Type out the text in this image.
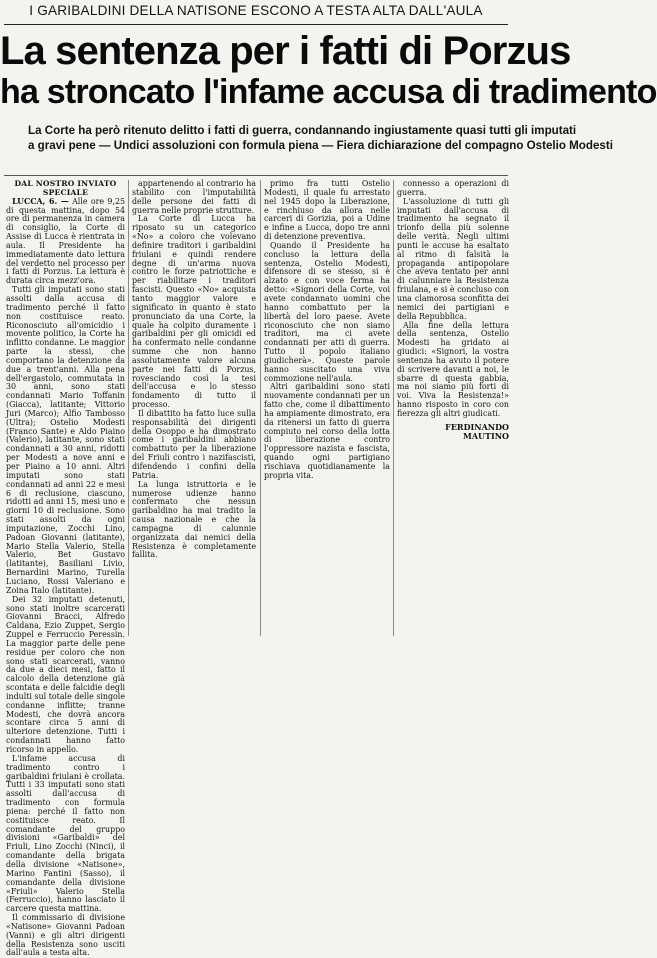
I GARIBALDINI DELLA NATISONE ESCONO A TESTA ALTA DALL'AULA
La sentenza per i fatti di Porzus
ha stroncato l'infame accusa di tradimento
La Corte ha però ritenuto delitto i fatti di guerra, condannando ingiustamente quasi tutti gli imputati
a gravi pene — Undici assoluzioni con formula piena — Fiera dichiarazione del compagno Ostelio Modesti

DAL NOSTRO INVIATO SPECIALE

LUCCA, 6. — Alle ore 9,25 di questa mattina, dopo 54 ore di permanenza in camera di consiglio, la Corte di Assise di Lucca è rientrata in aula. Il Presidente ha immediatamente dato lettura del verdetto nel processo per i fatti di Porzus. La lettura è durata circa mezz'ora.

Tutti gli imputati sono stati assolti dalla accusa di tradimento perché il fatto non costituisce reato. Riconosciuto all'omicidio i movente politico, la Corte ha inflitto condanne. Le maggior parte la stessi, che comportano la detenzione da due a trent'anni. Alla pena dell'ergastolo, commutata in 30 anni, sono stati condannati Mario Toffanin (Giacca), latitante; Vittorio Juri (Marco); Alfio Tambosso (Ultra); Ostelio Modesti (Franco Sante) e Aldo Piaino (Valerio), latitante, sono stati condannati a 30 anni, ridotti per Modesti a nove anni e per Piaino a 10 anni. Altri imputati sono stati condannati ad anni 22 e mesi 6 di reclusione, ciascuno, ridotti ad anni 15, mesi uno e giorni 10 di reclusione. Sono stati assolti da ogni imputazione, Zocchi Lino, Padoan Giovanni (latitante), Mario Stella Valerio, Stella Valerio, Bet Gustavo (latitante), Basiliani Livio, Bernardini Marino, Turella Luciano, Rossi Valeriano e Zoina Italo (latitante).

Dei 32 imputati detenuti, sono stati inoltre scarcerati Giovanni Bracci, Alfredo Caldana, Ezio Zuppet, Sergio Zuppel e Ferruccio Peressin. La maggior parte delle pene residue per coloro che non sono stati scarcerati, vanno da due a dieci mesi, fatto il calcolo della detenzione già scontata e delle falcidie degli indulti sul totale delle singole condanne inflitte; tranne Modesti, che dovrà ancora scontare circa 5 anni di ulteriore detenzione. Tutti i condannati hanno fatto ricorso in appello.

L'infame accusa di tradimento contro i garibaldini friulani è crollata. Tutti i 33 imputati sono stati assolti dall'accusa di tradimento con formula piena: perché il fatto non costituisce reato. Il comandante del gruppo divisioni «Garibaldi» del Friuli, Lino Zocchi (Ninci), il comandante della brigata della divisione «Natisone», Marino Fantini (Sasso), il comandante della divisione «Friuli» Valerio Stella (Ferruccio), hanno lasciato il carcere questa mattina.

Il commissario di divisione «Natisone» Giovanni Padoan (Vanni) e gli altri dirigenti della Resistenza sono usciti dall'aula a testa alta.

appartenendo al contrario ha stabilito con l'imputabilità delle persone dei fatti di guerra nelle proprie strutture.

La Corte di Lucca ha riposato su un categorico «No» a coloro che volevano definire traditori i garibaldini friulani e quindi rendere degne di un'arma nuova contro le forze patriottiche e per riabilitare i traditori fascisti. Questo «No» acquista tanto maggior valore e significato in quanto è stato pronunciato da una Corte, la quale ha colpito duramente i garibaldini per gli omicidi ed ha confermato nelle condanne summe che non hanno assolutamente valore alcuna parte nei fatti di Porzus, rovesciando così la tesi dell'accusa e lo stesso fondamento di tutto il processo.

Il dibattito ha fatto luce sulla responsabilità dei dirigenti della Osoppo e ha dimostrato come i garibaldini abbiano combattuto per la liberazione del Friuli contro i nazifascisti, difendendo i confini della Patria.

La lunga istruttoria e le numerose udienze hanno confermato che nessun garibaldino ha mai tradito la causa nazionale e che la campagna di calunnie organizzata dai nemici della Resistenza è completamente fallita.

primo fra tutti Ostelio Modesti, il quale fu arrestato nel 1945 dopo la Liberazione, e rinchiuso da allora nelle carceri di Gorizia, poi a Udine e infine a Lucca, dopo tre anni di detenzione preventiva.

Quando il Presidente ha concluso la lettura della sentenza, Ostelio Modesti, difensore di se stesso, si è alzato e con voce ferma ha detto: «Signori della Corte, voi avete condannato uomini che hanno combattuto per la libertà del loro paese. Avete riconosciuto che non siamo traditori, ma ci avete condannati per atti di guerra. Tutto il popolo italiano giudicherà». Queste parole hanno suscitato una viva commozione nell'aula.

Altri garibaldini sono stati nuovamente condannati per un fatto che, come il dibattimento ha ampiamente dimostrato, era da ritenersi un fatto di guerra compiuto nel corso della lotta di liberazione contro l'oppressore nazista e fascista, quando ogni partigiano rischiava quotidianamente la propria vita.

connesso a operazioni di guerra.

L'assoluzione di tutti gli imputati dall'accusa di tradimento ha segnato il trionfo della più solenne delle verità. Negli ultimi punti le accuse ha esaltato al ritmo di falsità la propaganda antipopolare che aveva tentato per anni di calunniare la Resistenza friulana, e si è concluso con una clamorosa sconfitta dei nemici dei partigiani e della Repubblica.

Alla fine della lettura della sentenza, Ostelio Modesti ha gridato ai giudici: «Signori, la vostra sentenza ha avuto il potere di scrivere davanti a noi, le sbarre di questa gabbia, ma noi siamo più forti di voi. Viva la Resistenza!» hanno risposto in coro con fierezza gli altri giudicati.

FERDINANDO MAUTINO
